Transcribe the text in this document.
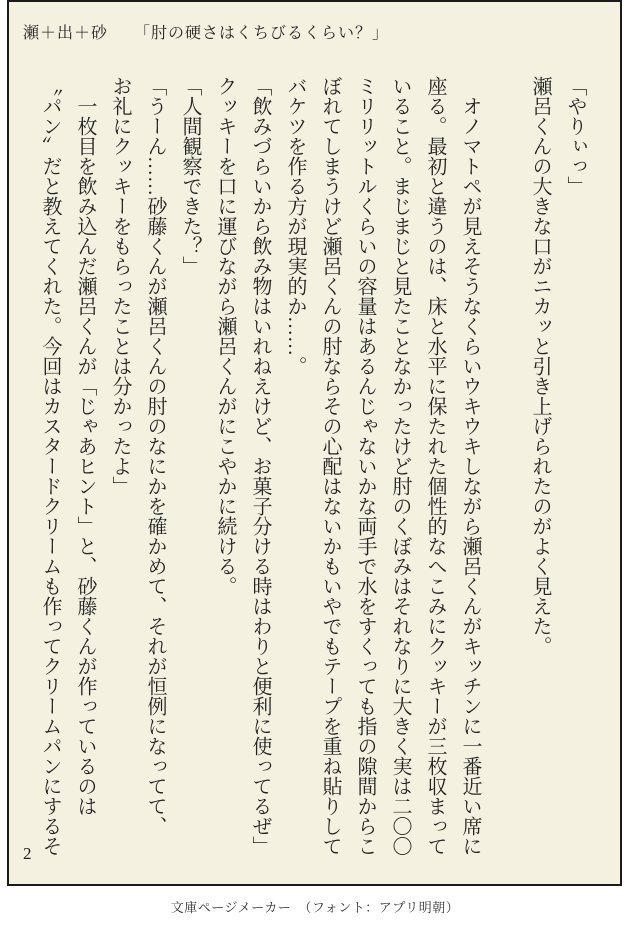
瀬＋出＋砂　　「肘の硬さはくちびるくらい？」
「やりぃっ」
瀬呂くんの大きな口がニカッと引き上げられたのがよく見えた。

　オノマトペが見えそうなくらいウキウキしながら瀬呂くんがキッチンに一番近い席に
座る。最初と違うのは、床と水平に保たれた個性的なへこみにクッキーが三枚収まって
いること。まじまじと見たことなかったけど肘のくぼみはそれなりに大きく実は二〇〇
ミリリットルくらいの容量はあるんじゃないかな両手で水をすくっても指の隙間からこ
ぼれてしまうけど瀬呂くんの肘ならその心配はないかもいやでもテープを重ね貼りして
バケツを作る方が現実的か……。
「飲みづらいから飲み物はいれねえけど、お菓子分ける時はわりと便利に使ってるぜ」
クッキーを口に運びながら瀬呂くんがにこやかに続ける。
「人間観察できた？」
「うーん……砂藤くんが瀬呂くんの肘のなにかを確かめて、それが恒例になってて、
お礼にクッキーをもらったことは分かったよ」
　一枚目を飲み込んだ瀬呂くんが「じゃあヒント」と、砂藤くんが作っているのは
〝パン〟だと教えてくれた。今回はカスタードクリームも作ってクリームパンにするそ
2
文庫ページメーカー　（フォント：アプリ明朝）
